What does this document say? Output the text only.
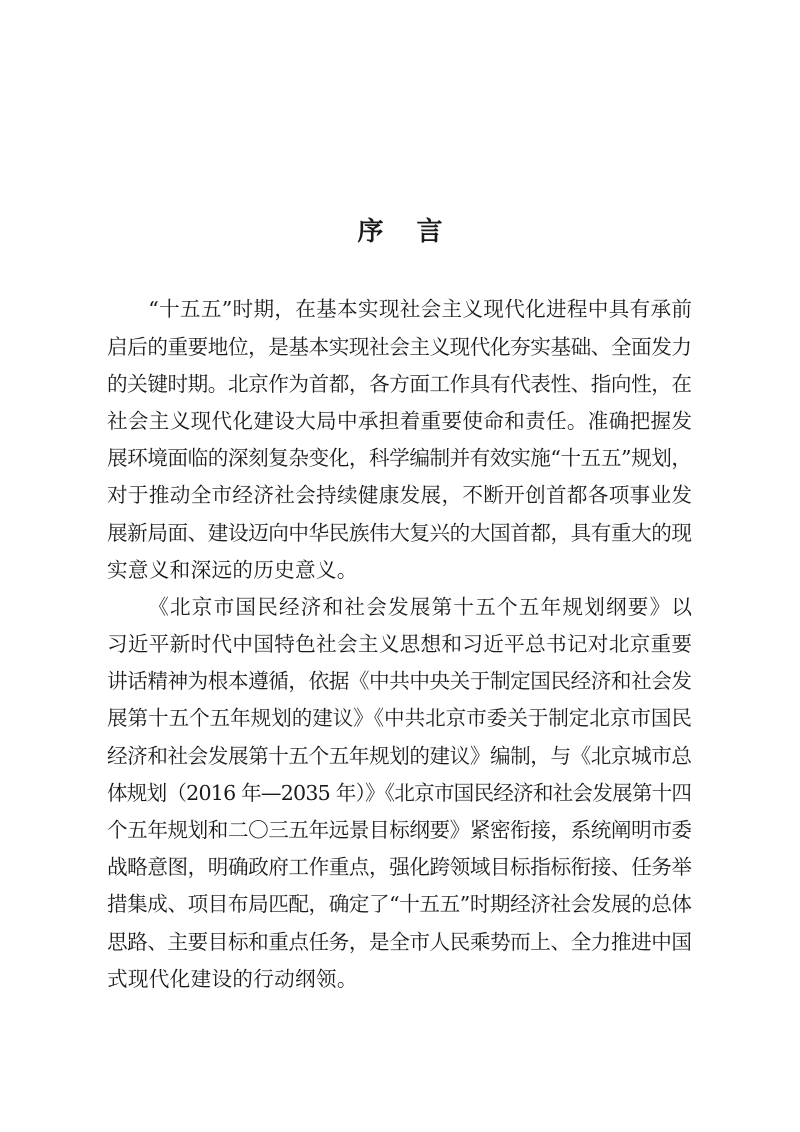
序 言

“十五五”时期，在基本实现社会主义现代化进程中具有承前
启后的重要地位，是基本实现社会主义现代化夯实基础、全面发力
的关键时期。北京作为首都，各方面工作具有代表性、指向性，在
社会主义现代化建设大局中承担着重要使命和责任。准确把握发
展环境面临的深刻复杂变化，科学编制并有效实施“十五五”规划，
对于推动全市经济社会持续健康发展，不断开创首都各项事业发
展新局面、建设迈向中华民族伟大复兴的大国首都，具有重大的现
实意义和深远的历史意义。

《北京市国民经济和社会发展第十五个五年规划纲要》以
习近平新时代中国特色社会主义思想和习近平总书记对北京重要
讲话精神为根本遵循，依据《中共中央关于制定国民经济和社会发
展第十五个五年规划的建议》《中共北京市委关于制定北京市国民
经济和社会发展第十五个五年规划的建议》编制，与《北京城市总
体规划（2016 年—2035 年）》《北京市国民经济和社会发展第十四
个五年规划和二〇三五年远景目标纲要》紧密衔接，系统阐明市委
战略意图，明确政府工作重点，强化跨领域目标指标衔接、任务举
措集成、项目布局匹配，确定了“十五五”时期经济社会发展的总体
思路、主要目标和重点任务，是全市人民乘势而上、全力推进中国
式现代化建设的行动纲领。
